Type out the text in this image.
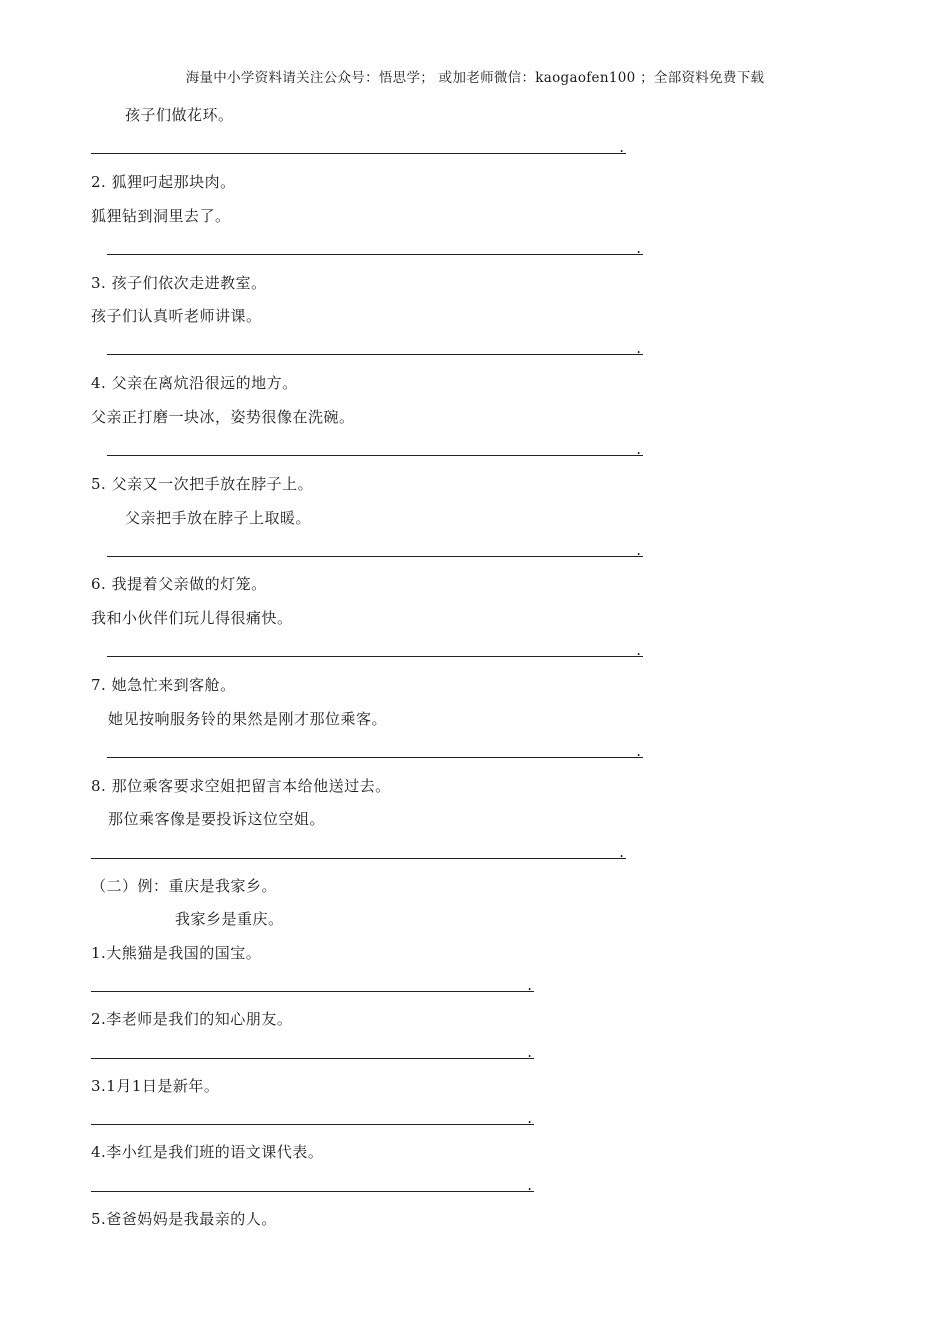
海量中小学资料请关注公众号：悟思学； 或加老师微信：kaogaofen100 ；全部资料免费下载
孩子们做花环。
.
2. 狐狸叼起那块肉。
狐狸钻到洞里去了。
.
3. 孩子们依次走进教室。
孩子们认真听老师讲课。
.
4. 父亲在离炕沿很远的地方。
父亲正打磨一块冰，姿势很像在洗碗。
.
5. 父亲又一次把手放在脖子上。
父亲把手放在脖子上取暖。
.
6. 我提着父亲做的灯笼。
我和小伙伴们玩儿得很痛快。
.
7. 她急忙来到客舱。
她见按响服务铃的果然是刚才那位乘客。
.
8. 那位乘客要求空姐把留言本给他送过去。
那位乘客像是要投诉这位空姐。
.
（二）例：重庆是我家乡。
我家乡是重庆。
1.大熊猫是我国的国宝。
.
2.李老师是我们的知心朋友。
.
3.1月1日是新年。
.
4.李小红是我们班的语文课代表。
.
5.爸爸妈妈是我最亲的人。
